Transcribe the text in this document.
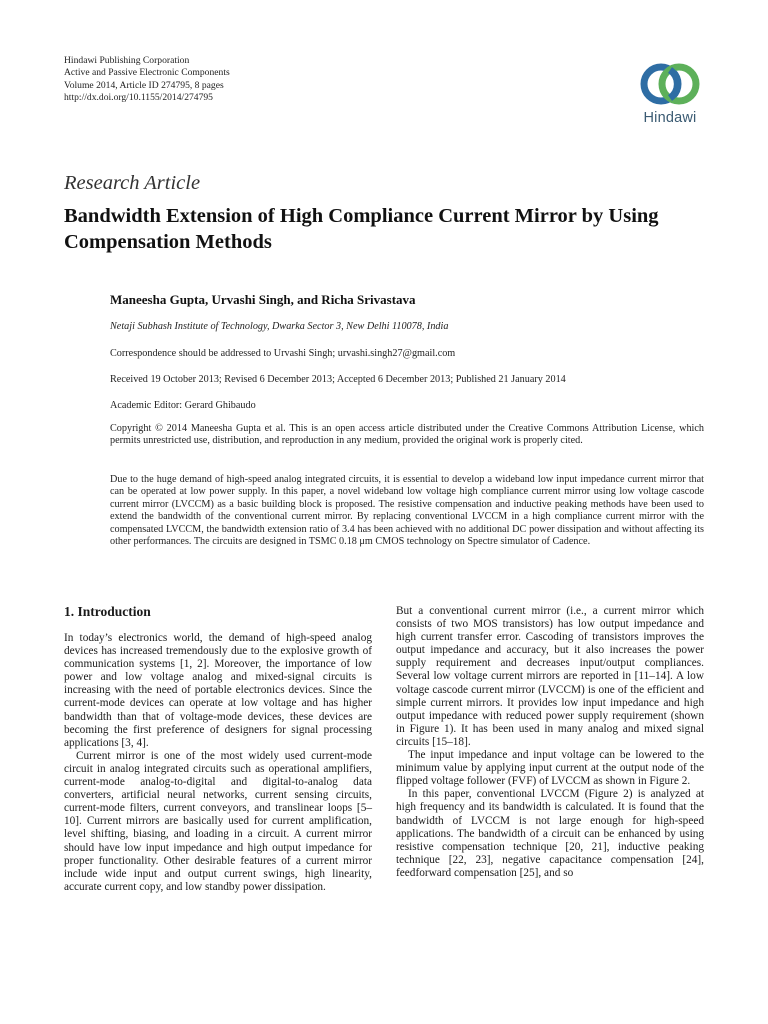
Hindawi Publishing Corporation
Active and Passive Electronic Components
Volume 2014, Article ID 274795, 8 pages
http://dx.doi.org/10.1155/2014/274795
Hindawi
Research Article
Bandwidth Extension of High Compliance Current Mirror by Using Compensation Methods
Maneesha Gupta, Urvashi Singh, and Richa Srivastava
Netaji Subhash Institute of Technology, Dwarka Sector 3, New Delhi 110078, India
Correspondence should be addressed to Urvashi Singh; urvashi.singh27@gmail.com
Received 19 October 2013; Revised 6 December 2013; Accepted 6 December 2013; Published 21 January 2014
Academic Editor: Gerard Ghibaudo
Copyright © 2014 Maneesha Gupta et al. This is an open access article distributed under the Creative Commons Attribution License, which permits unrestricted use, distribution, and reproduction in any medium, provided the original work is properly cited.
Due to the huge demand of high-speed analog integrated circuits, it is essential to develop a wideband low input impedance current mirror that can be operated at low power supply. In this paper, a novel wideband low voltage high compliance current mirror using low voltage cascode current mirror (LVCCM) as a basic building block is proposed. The resistive compensation and inductive peaking methods have been used to extend the bandwidth of the conventional current mirror. By replacing conventional LVCCM in a high compliance current mirror with the compensated LVCCM, the bandwidth extension ratio of 3.4 has been achieved with no additional DC power dissipation and without affecting its other performances. The circuits are designed in TSMC 0.18 μm CMOS technology on Spectre simulator of Cadence.
1. Introduction

In today’s electronics world, the demand of high-speed analog devices has increased tremendously due to the explosive growth of communication systems [1, 2]. Moreover, the importance of low power and low voltage analog and mixed-signal circuits is increasing with the need of portable electronics devices. Since the current-mode devices can operate at low voltage and has higher bandwidth than that of voltage-mode devices, these devices are becoming the first preference of designers for signal processing applications [3, 4].

Current mirror is one of the most widely used current-mode circuit in analog integrated circuits such as operational amplifiers, current-mode analog-to-digital and digital-to-analog data converters, artificial neural networks, current sensing circuits, current-mode filters, current conveyors, and translinear loops [5–10]. Current mirrors are basically used for current amplification, level shifting, biasing, and loading in a circuit. A current mirror should have low input impedance and high output impedance for proper functionality. Other desirable features of a current mirror include wide input and output current swings, high linearity, accurate current copy, and low standby power dissipation.

But a conventional current mirror (i.e., a current mirror which consists of two MOS transistors) has low output impedance and high current transfer error. Cascoding of transistors improves the output impedance and accuracy, but it also increases the power supply requirement and decreases input/output compliances. Several low voltage current mirrors are reported in [11–14]. A low voltage cascode current mirror (LVCCM) is one of the efficient and simple current mirrors. It provides low input impedance and high output impedance with reduced power supply requirement (shown in Figure 1). It has been used in many analog and mixed signal circuits [15–18].

The input impedance and input voltage can be lowered to the minimum value by applying input current at the output node of the flipped voltage follower (FVF) of LVCCM as shown in Figure 2.

In this paper, conventional LVCCM (Figure 2) is analyzed at high frequency and its bandwidth is calculated. It is found that the bandwidth of LVCCM is not large enough for high-speed applications. The bandwidth of a circuit can be enhanced by using resistive compensation technique [20, 21], inductive peaking technique [22, 23], negative capacitance compensation [24], feedforward compensation [25], and so
